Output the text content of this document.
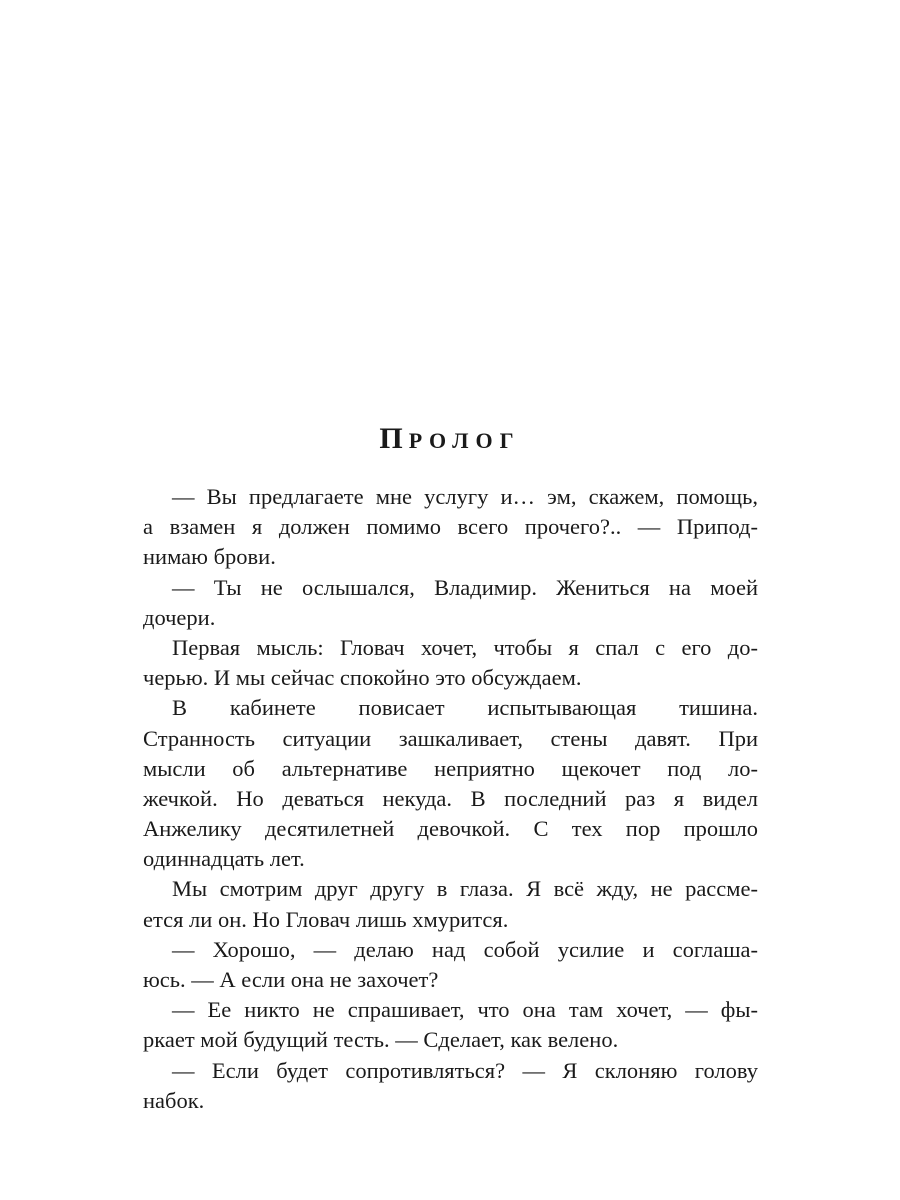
ПРОЛОГ
— Вы предлагаете мне услугу и… эм, скажем, помощь,
а взамен я должен помимо всего прочего?.. — Припод-
нимаю брови.
— Ты не ослышался, Владимир. Жениться на моей
дочери.
Первая мысль: Гловач хочет, чтобы я спал с его до-
черью. И мы сейчас спокойно это обсуждаем.
В кабинете повисает испытывающая тишина.
Странность ситуации зашкаливает, стены давят. При
мысли об альтернативе неприятно щекочет под ло-
жечкой. Но деваться некуда. В последний раз я видел
Анжелику десятилетней девочкой. С тех пор прошло
одиннадцать лет.
Мы смотрим друг другу в глаза. Я всё жду, не рассме-
ется ли он. Но Гловач лишь хмурится.
— Хорошо, — делаю над собой усилие и соглаша-
юсь. — А если она не захочет?
— Ее никто не спрашивает, что она там хочет, — фы-
ркает мой будущий тесть. — Сделает, как велено.
— Если будет сопротивляться? — Я склоняю голову
набок.
